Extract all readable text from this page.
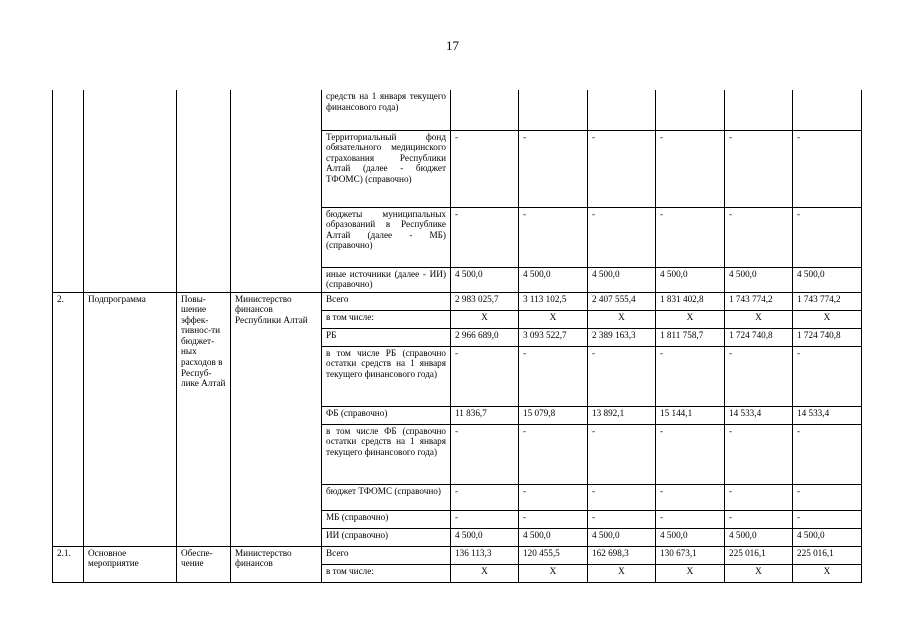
17
				средств на 1 января текущего финансового года)						
				Территориальный фонд обязательного медицинского страхования Республики Алтай (далее - бюджет ТФОМС) (справочно)	-	-	-	-	-	-
				бюджеты муниципальных образований в Республике Алтай (далее - МБ) (справочно)	-	-	-	-	-	-
				иные источники (далее - ИИ) (справочно)	4 500,0	4 500,0	4 500,0	4 500,0	4 500,0	4 500,0
2.	Подпрограмма	Повы-шение эффек-тивнос-ти бюджет-ных расходов в Респуб-лике Алтай	Министерство финансов Республики Алтай	Всего	2 983 025,7	3 113 102,5	2 407 555,4	1 831 402,8	1 743 774,2	1 743 774,2
				в том числе:	Х	Х	Х	Х	Х	Х
				РБ	2 966 689,0	3 093 522,7	2 389 163,3	1 811 758,7	1 724 740,8	1 724 740,8
				в том числе РБ (справочно остатки средств на 1 января текущего финансового года)	-	-	-	-	-	-
				ФБ (справочно)	11 836,7	15 079,8	13 892,1	15 144,1	14 533,4	14 533,4
				в том числе ФБ (справочно остатки средств на 1 января текущего финансового года)	-	-	-	-	-	-
				бюджет ТФОМС (справочно)	-	-	-	-	-	-
				МБ (справочно)	-	-	-	-	-	-
				ИИ (справочно)	4 500,0	4 500,0	4 500,0	4 500,0	4 500,0	4 500,0
2.1.	Основное мероприятие	Обеспе-чение	Министерство финансов	Всего	136 113,3	120 455,5	162 698,3	130 673,1	225 016,1	225 016,1
				в том числе:	Х	Х	Х	Х	Х	Х
